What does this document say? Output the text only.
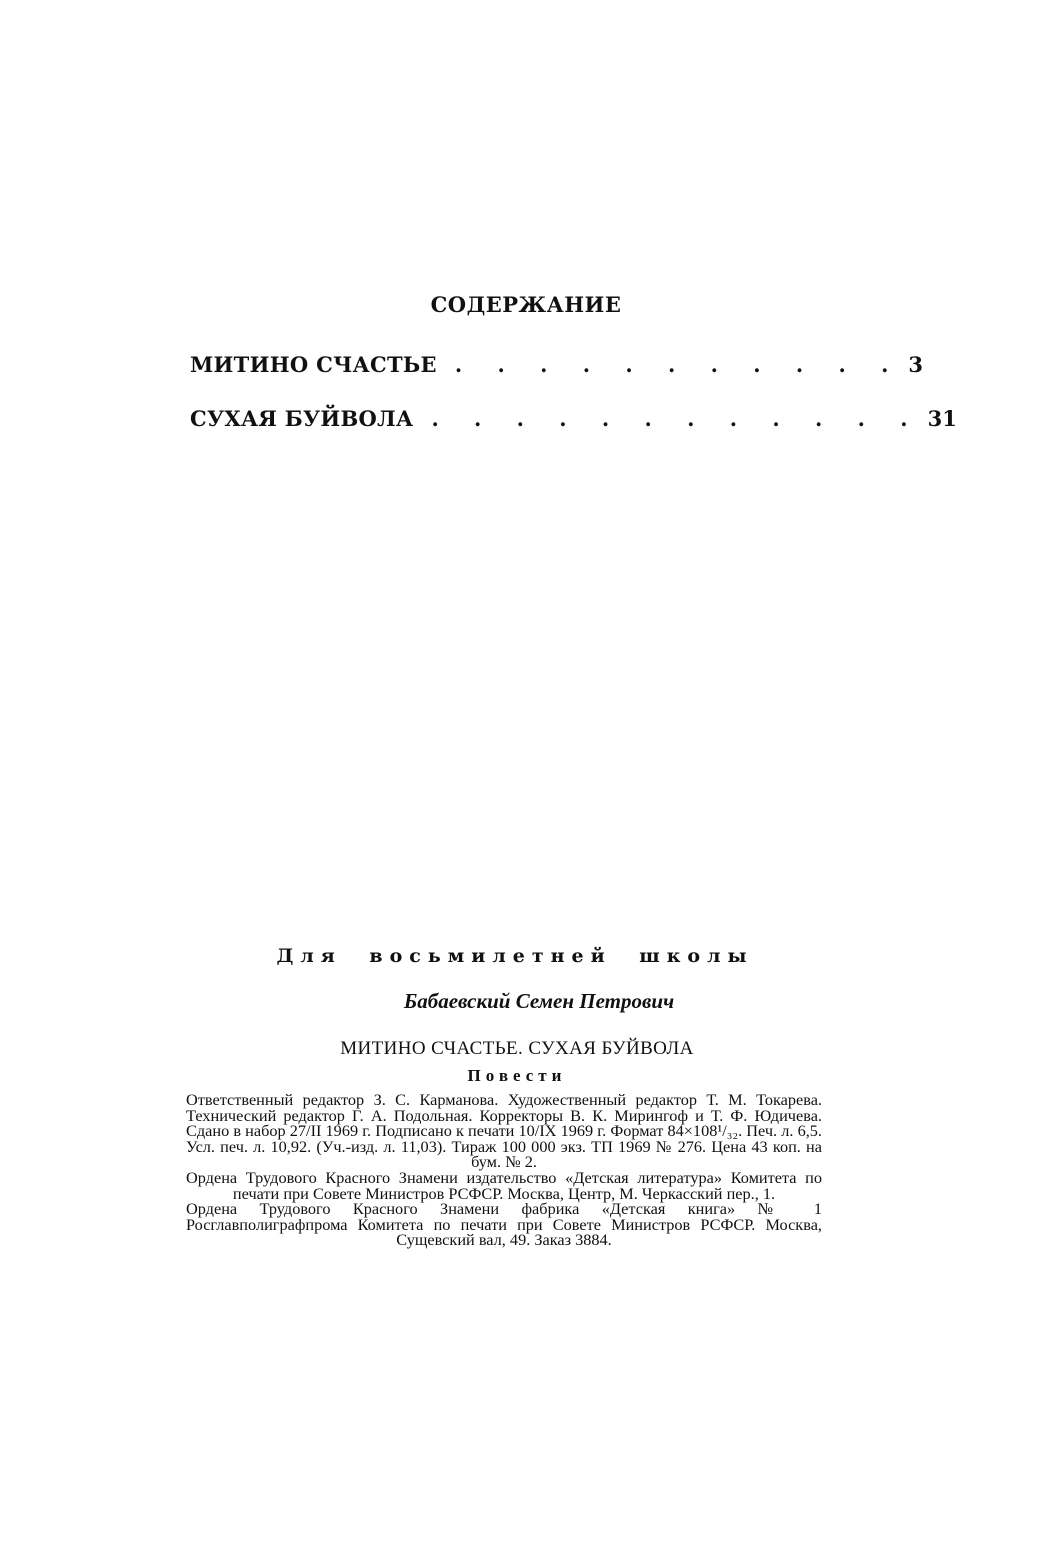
СОДЕРЖАНИЕ
МИТИНО СЧАСТЬЕ . . . . . . . . . . . 3
СУХАЯ БУЙВОЛА . . . . . . . . . . . . 31

Для восьмилетней школы

Бабаевский Семен Петрович

МИТИНО СЧАСТЬЕ. СУХАЯ БУЙВОЛА

Повести

Ответственный редактор З. С. Карманова. Художественный редактор Т. М. Токарева. Технический редактор Г. А. Подольная. Корректоры В. К. Мирингоф и Т. Ф. Юдичева. Сдано в набор 27/II 1969 г. Подписано к печати 10/IX 1969 г. Формат 84×108¹/₃₂. Печ. л. 6,5. Усл. печ. л. 10,92. (Уч.-изд. л. 11,03). Тираж 100 000 экз. ТП 1969 № 276. Цена 43 коп. на бум. № 2.

Ордена Трудового Красного Знамени издательство «Детская литература» Комитета по печати при Совете Министров РСФСР. Москва, Центр, М. Черкасский пер., 1.

Ордена Трудового Красного Знамени фабрика «Детская книга» № 1 Росглавполиграфпрома Комитета по печати при Совете Министров РСФСР. Москва, Сущевский вал, 49. Заказ 3884.
